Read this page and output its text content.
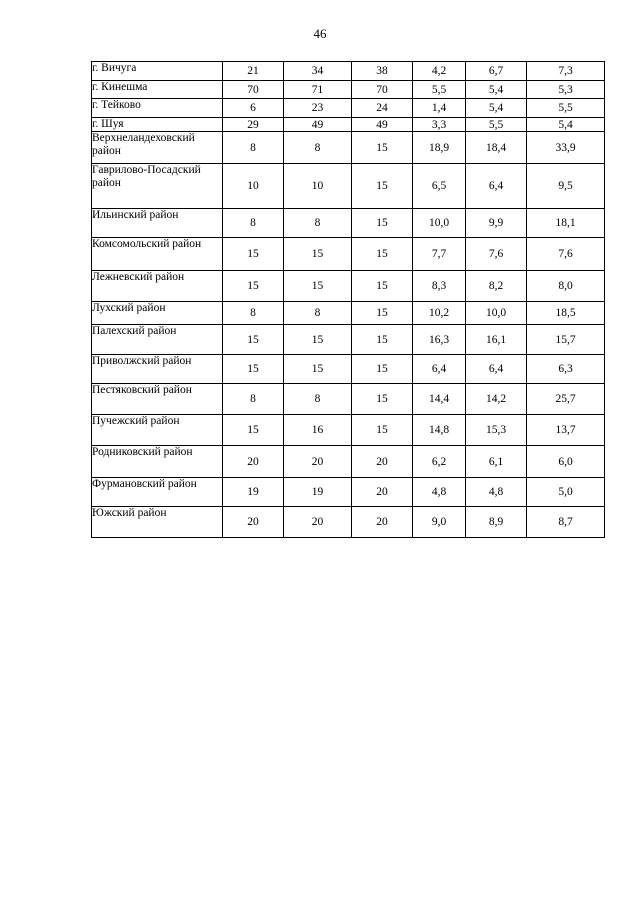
46
г. Вичуга	21	34	38	4,2	6,7	7,3
г. Кинешма	70	71	70	5,5	5,4	5,3
г. Тейково	6	23	24	1,4	5,4	5,5
г. Шуя	29	49	49	3,3	5,5	5,4
Верхнеландеховский район	8	8	15	18,9	18,4	33,9
Гаврилово-Посадский район	10	10	15	6,5	6,4	9,5
Ильинский район	8	8	15	10,0	9,9	18,1
Комсомольский район	15	15	15	7,7	7,6	7,6
Лежневский район	15	15	15	8,3	8,2	8,0
Лухский район	8	8	15	10,2	10,0	18,5
Палехский район	15	15	15	16,3	16,1	15,7
Приволжский район	15	15	15	6,4	6,4	6,3
Пестяковский район	8	8	15	14,4	14,2	25,7
Пучежский район	15	16	15	14,8	15,3	13,7
Родниковский район	20	20	20	6,2	6,1	6,0
Фурмановский район	19	19	20	4,8	4,8	5,0
Южский район	20	20	20	9,0	8,9	8,7
